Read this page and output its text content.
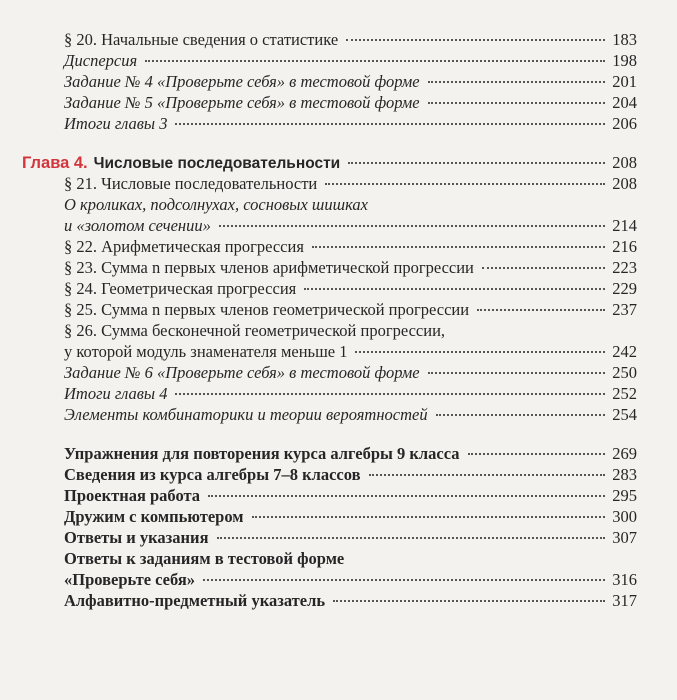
§ 20. Начальные сведения о статистике	183
Дисперсия	198
Задание № 4 «Проверьте себя» в тестовой форме	201
Задание № 5 «Проверьте себя» в тестовой форме	204
Итоги главы 3	206
Глава 4. Числовые последовательности	208
§ 21. Числовые последовательности	208
О кроликах, подсолнухах, сосновых шишках
и «золотом сечении»	214
§ 22. Арифметическая прогрессия	216
§ 23. Сумма n первых членов арифметической прогрессии	223
§ 24. Геометрическая прогрессия	229
§ 25. Сумма n первых членов геометрической прогрессии	237
§ 26. Сумма бесконечной геометрической прогрессии,
у которой модуль знаменателя меньше 1	242
Задание № 6 «Проверьте себя» в тестовой форме	250
Итоги главы 4	252
Элементы комбинаторики и теории вероятностей	254
Упражнения для повторения курса алгебры 9 класса	269
Сведения из курса алгебры 7–8 классов	283
Проектная работа	295
Дружим с компьютером	300
Ответы и указания	307
Ответы к заданиям в тестовой форме
«Проверьте себя»	316
Алфавитно-предметный указатель	317
